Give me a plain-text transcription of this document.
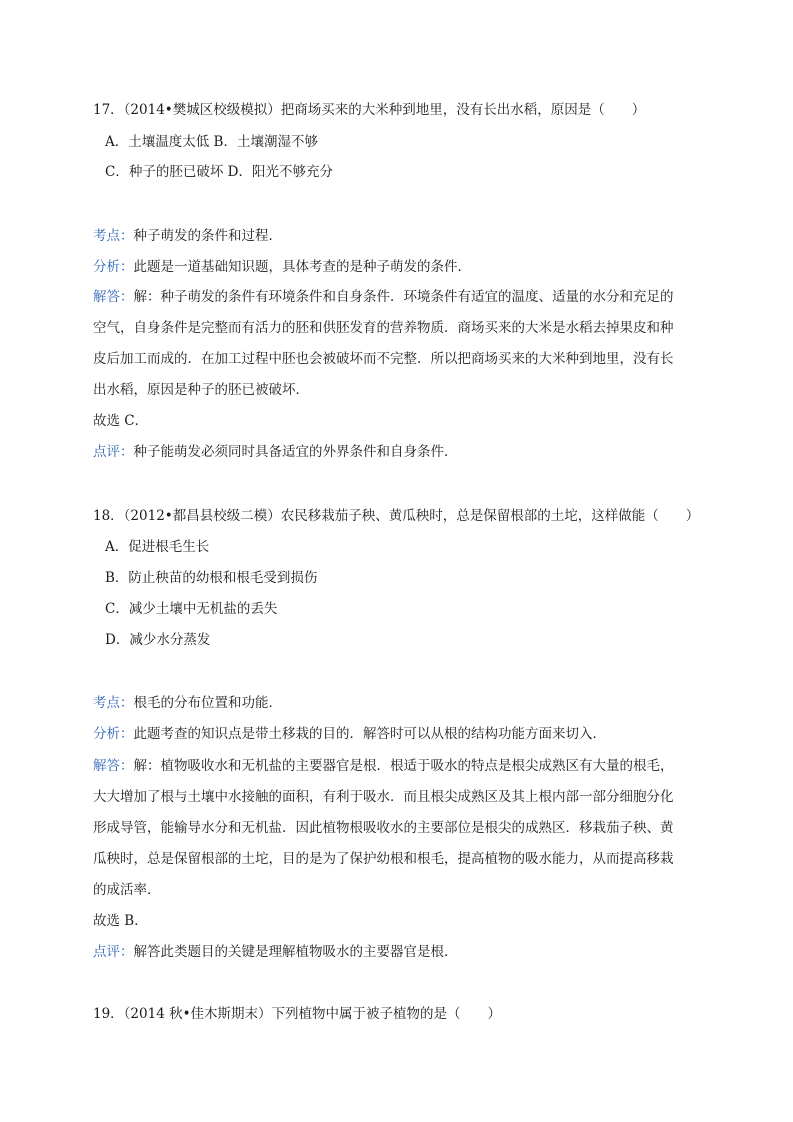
17．（2014•樊城区校级模拟）把商场买来的大米种到地里，没有长出水稻，原因是（　　）
A．土壤温度太低 B．土壤潮湿不够
C．种子的胚已破坏 D．阳光不够充分
考点：种子萌发的条件和过程．
分析：此题是一道基础知识题，具体考查的是种子萌发的条件．
解答：解：种子萌发的条件有环境条件和自身条件．环境条件有适宜的温度、适量的水分和充足的
空气，自身条件是完整而有活力的胚和供胚发育的营养物质．商场买来的大米是水稻去掉果皮和种
皮后加工而成的．在加工过程中胚也会被破坏而不完整．所以把商场买来的大米种到地里，没有长
出水稻，原因是种子的胚已被破坏．
故选 C．
点评：种子能萌发必须同时具备适宜的外界条件和自身条件．
18．（2012•都昌县校级二模）农民移栽茄子秧、黄瓜秧时，总是保留根部的土坨，这样做能（　　）
A．促进根毛生长
B．防止秧苗的幼根和根毛受到损伤
C．减少土壤中无机盐的丢失
D．减少水分蒸发
考点：根毛的分布位置和功能．
分析：此题考查的知识点是带土移栽的目的．解答时可以从根的结构功能方面来切入．
解答：解：植物吸收水和无机盐的主要器官是根．根适于吸水的特点是根尖成熟区有大量的根毛，
大大增加了根与土壤中水接触的面积，有利于吸水．而且根尖成熟区及其上根内部一部分细胞分化
形成导管，能输导水分和无机盐．因此植物根吸收水的主要部位是根尖的成熟区．移栽茄子秧、黄
瓜秧时，总是保留根部的土坨，目的是为了保护幼根和根毛，提高植物的吸水能力，从而提高移栽
的成活率．
故选 B．
点评：解答此类题目的关键是理解植物吸水的主要器官是根．
19．（2014 秋•佳木斯期末）下列植物中属于被子植物的是（　　）
